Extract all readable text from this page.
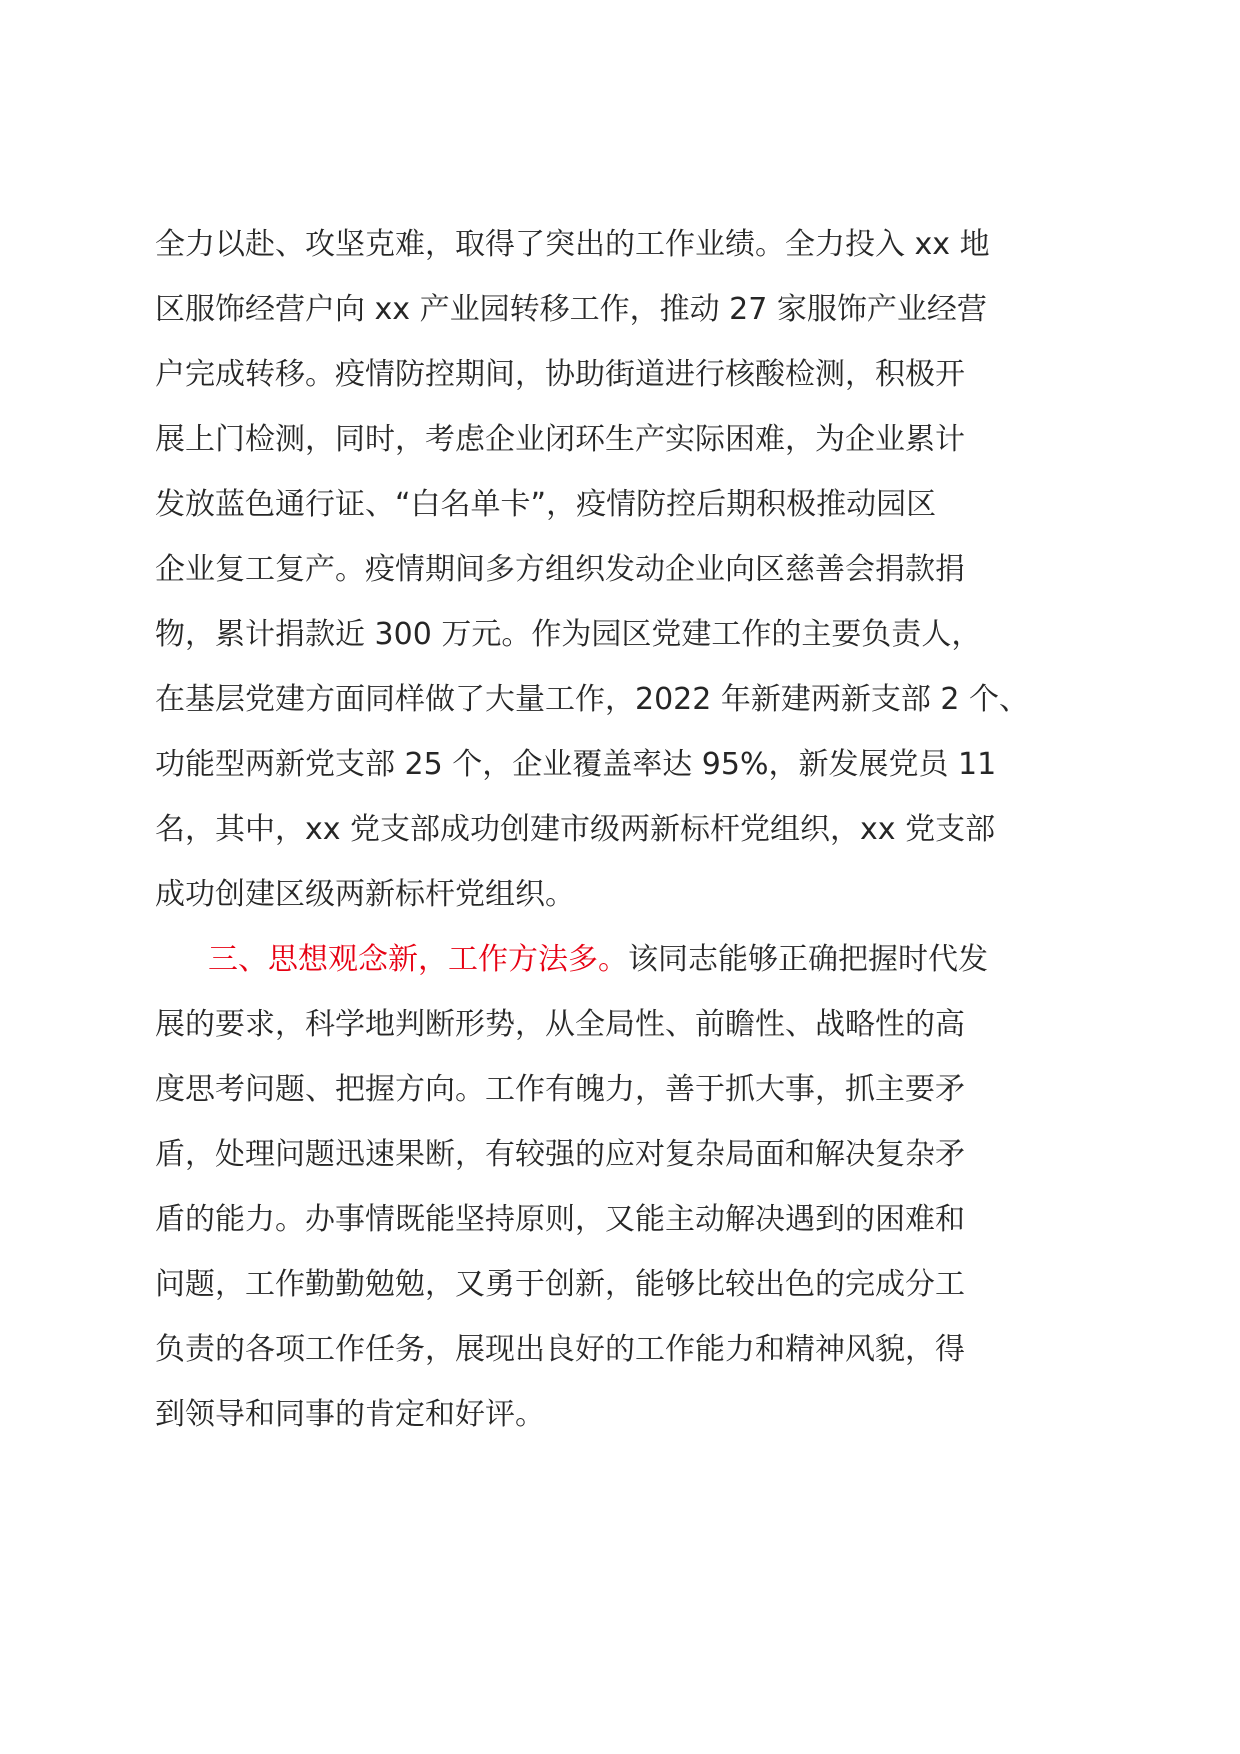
全力以赴、攻坚克难，取得了突出的工作业绩。全力投入 xx 地
区服饰经营户向 xx 产业园转移工作，推动 27 家服饰产业经营
户完成转移。疫情防控期间，协助街道进行核酸检测，积极开
展上门检测，同时，考虑企业闭环生产实际困难，为企业累计
发放蓝色通行证、“白名单卡”，疫情防控后期积极推动园区
企业复工复产。疫情期间多方组织发动企业向区慈善会捐款捐
物，累计捐款近 300 万元。作为园区党建工作的主要负责人，
在基层党建方面同样做了大量工作，2022 年新建两新支部 2 个、
功能型两新党支部 25 个，企业覆盖率达 95%，新发展党员 11
名，其中，xx 党支部成功创建市级两新标杆党组织，xx 党支部
成功创建区级两新标杆党组织。
三、思想观念新，工作方法多。该同志能够正确把握时代发
展的要求，科学地判断形势，从全局性、前瞻性、战略性的高
度思考问题、把握方向。工作有魄力，善于抓大事，抓主要矛
盾，处理问题迅速果断，有较强的应对复杂局面和解决复杂矛
盾的能力。办事情既能坚持原则，又能主动解决遇到的困难和
问题，工作勤勤勉勉，又勇于创新，能够比较出色的完成分工
负责的各项工作任务，展现出良好的工作能力和精神风貌，得
到领导和同事的肯定和好评。
